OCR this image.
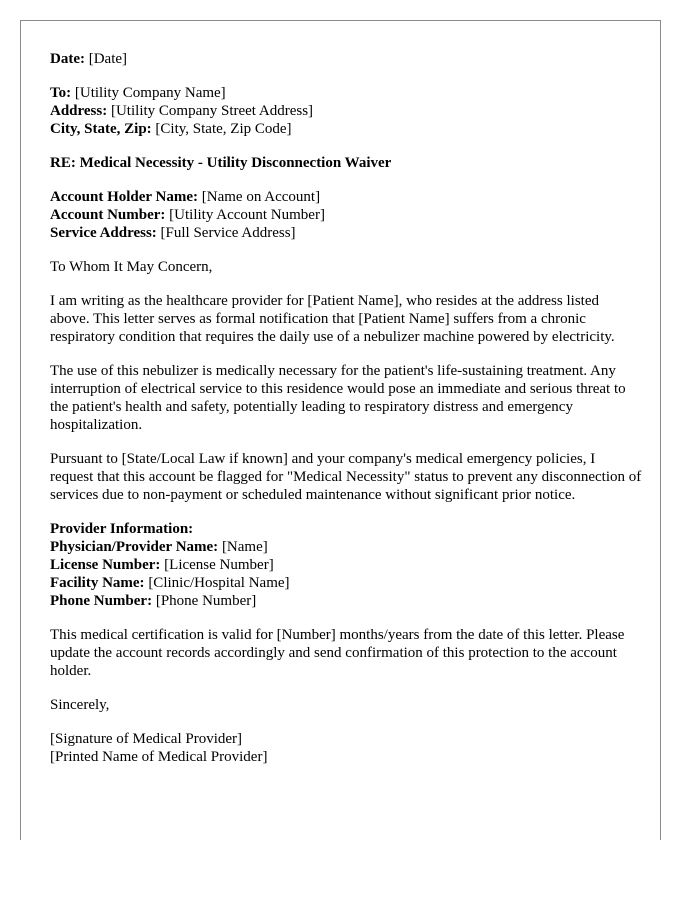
Date: [Date]
To: [Utility Company Name]
Address: [Utility Company Street Address]
City, State, Zip: [City, State, Zip Code]
RE: Medical Necessity - Utility Disconnection Waiver
Account Holder Name: [Name on Account]
Account Number: [Utility Account Number]
Service Address: [Full Service Address]

To Whom It May Concern,

I am writing as the healthcare provider for [Patient Name], who resides at the address listed above. This letter serves as formal notification that [Patient Name] suffers from a chronic respiratory condition that requires the daily use of a nebulizer machine powered by electricity.

The use of this nebulizer is medically necessary for the patient's life-sustaining treatment. Any interruption of electrical service to this residence would pose an immediate and serious threat to the patient's health and safety, potentially leading to respiratory distress and emergency hospitalization.

Pursuant to [State/Local Law if known] and your company's medical emergency policies, I request that this account be flagged for "Medical Necessity" status to prevent any disconnection of services due to non-payment or scheduled maintenance without significant prior notice.

Provider Information:
Physician/Provider Name: [Name]
License Number: [License Number]
Facility Name: [Clinic/Hospital Name]
Phone Number: [Phone Number]

This medical certification is valid for [Number] months/years from the date of this letter. Please update the account records accordingly and send confirmation of this protection to the account holder.

Sincerely,

[Signature of Medical Provider]
[Printed Name of Medical Provider]
